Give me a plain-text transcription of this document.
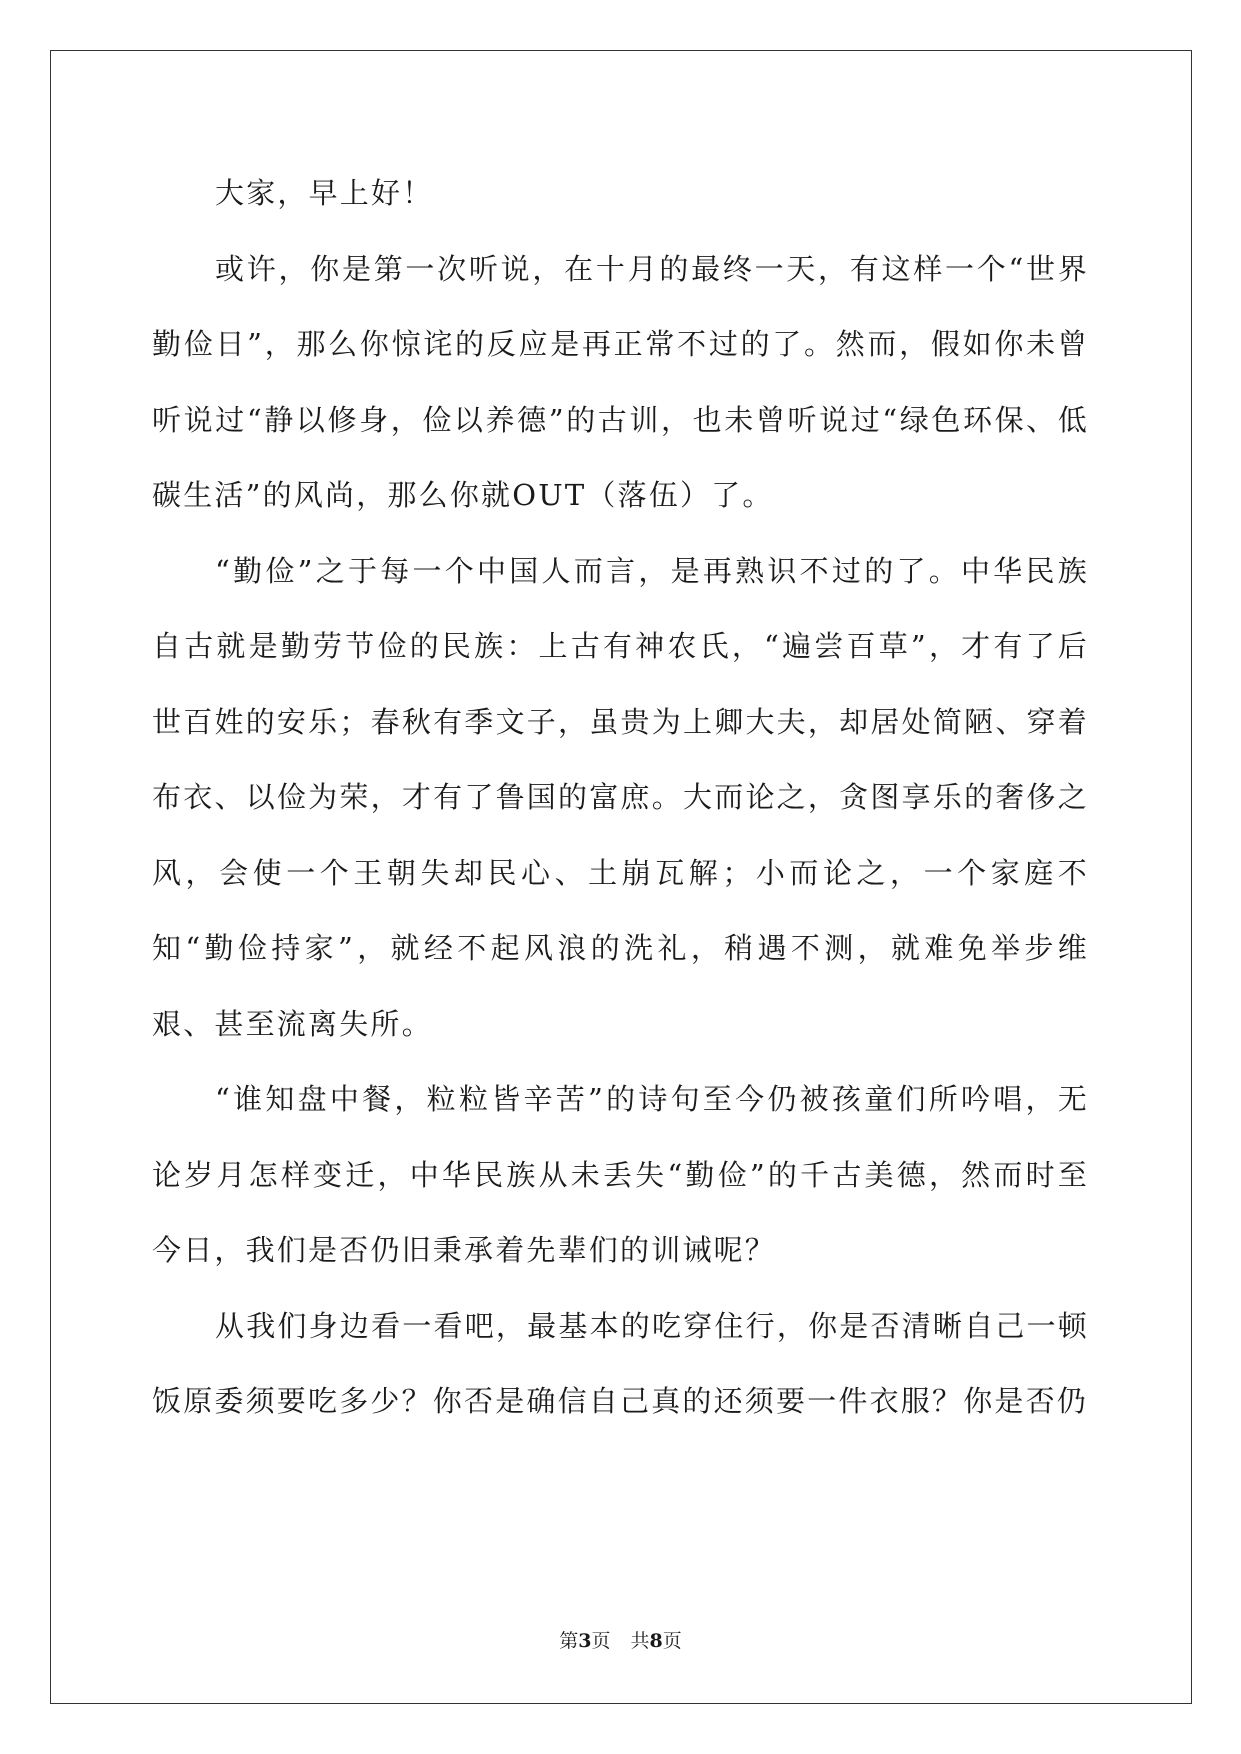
大家，早上好！

或许，你是第一次听说，在十月的最终一天，有这样一个“世界勤俭日”，那么你惊诧的反应是再正常不过的了。然而，假如你未曾听说过“静以修身，俭以养德”的古训，也未曾听说过“绿色环保、低碳生活”的风尚，那么你就OUT（落伍）了。

“勤俭”之于每一个中国人而言，是再熟识不过的了。中华民族自古就是勤劳节俭的民族：上古有神农氏，“遍尝百草”，才有了后世百姓的安乐；春秋有季文子，虽贵为上卿大夫，却居处简陋、穿着布衣、以俭为荣，才有了鲁国的富庶。大而论之，贪图享乐的奢侈之风，会使一个王朝失却民心、土崩瓦解；小而论之，一个家庭不知“勤俭持家”，就经不起风浪的洗礼，稍遇不测，就难免举步维艰、甚至流离失所。

“谁知盘中餐，粒粒皆辛苦”的诗句至今仍被孩童们所吟唱，无论岁月怎样变迁，中华民族从未丢失“勤俭”的千古美德，然而时至今日，我们是否仍旧秉承着先辈们的训诫呢？

从我们身边看一看吧，最基本的吃穿住行，你是否清晰自己一顿饭原委须要吃多少？你否是确信自己真的还须要一件衣服？你是否仍

第3页 共8页
